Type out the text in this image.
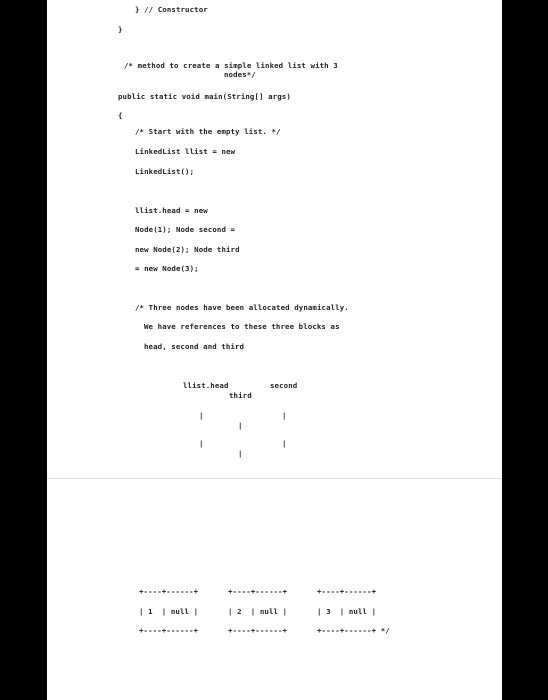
} // Constructor
}
/* method to create a simple linked list with 3
nodes*/
public static void main(String[] args)
{
/* Start with the empty list. */
LinkedList llist = new
LinkedList();
llist.head = new
Node(1); Node second =
new Node(2); Node third
= new Node(3);
/* Three nodes have been allocated dynamically.
We have references to these three blocks as
head, second and third
llist.head	second
third
|	|
|
|	|
|
+----+------+	+----+------+	+----+------+
| 1  | null |	| 2  | null |	| 3  | null |
+----+------+	+----+------+	+----+------+ */
